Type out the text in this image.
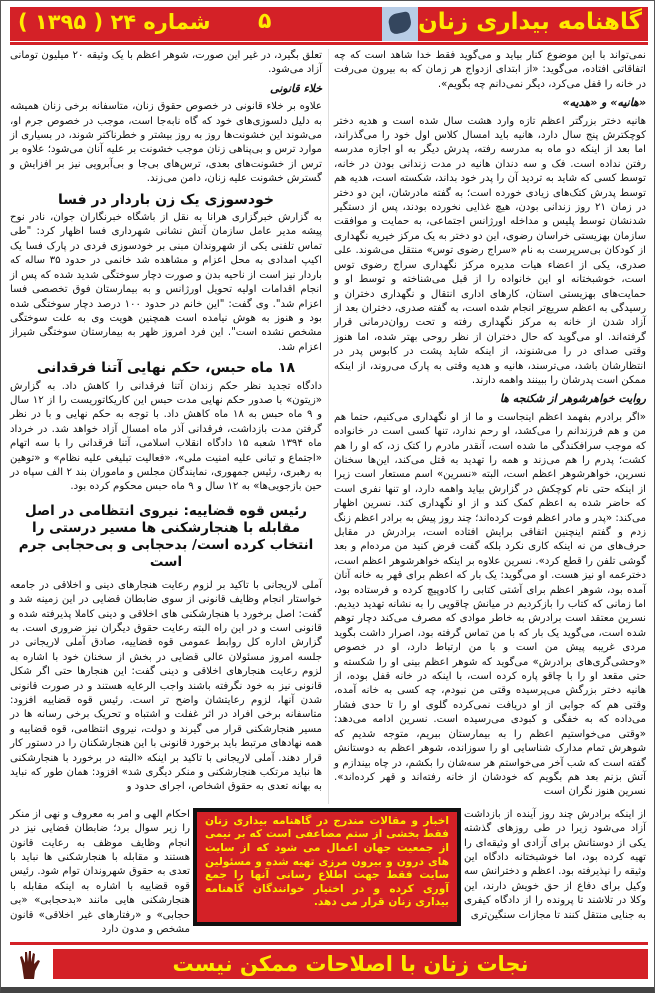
گاهنامه بیداری زنان
۵
شماره ۲۴ ( ۱۳۹۵ )

نمی‌تواند با این موضوع کنار بیاید و می‌گوید فقط خدا شاهد است که چه اتفاقاتی افتاده، می‌گوید: «از ابتدای ازدواج هر زمان که به بیرون می‌رفت در خانه را قفل می‌کرد، دیگر نمی‌دانم چه بگویم».

«هانیه» و «هدیه»

هانیه دختر بزرگتر اعظم تازه وارد هشت سال شده است و هدیه دختر کوچکترش پنج سال دارد، هانیه باید امسال کلاس اول خود را می‌گذراند، اما بعد از اینکه دو ماه به مدرسه رفته، پدرش دیگر به او اجازه مدرسه رفتن نداده است. فک و سه دندان هانیه در مدت زندانی بودن در خانه، توسط کسی که شاید به تردید آن را پدر خود بداند، شکسته است، هدیه هم توسط پدرش کتک‌های زیادی خورده است؛ به گفته مادرشان، این دو دختر در زمان ۲۱ روز زندانی بودن، هیچ غذایی نخورده بودند، پس از دستگیر شدنشان توسط پلیس و مداخله اورژانس اجتماعی، به حمایت و موافقت سازمان بهزیستی خراسان رضوی، این دو دختر به یک مرکز خیریه نگهداری از کودکان بی‌سرپرست به نام «سراج رضوی توس» منتقل می‌شوند. علی صدری، یکی از اعضاء هیات مدیره مرکز نگهداری سراج رضوی توس است، خوشبختانه او این خانواده را از قبل می‌شناخته و توسط او و حمایت‌های بهزیستی استان، کارهای اداری انتقال و نگهداری دختران و رسیدگی به اعظم سریع‌تر انجام شده است، به گفته صدری، دختران بعد از آزاد شدن از خانه به مرکز نگهداری رفته و تحت روان‌درمانی قرار گرفته‌اند. او می‌گوید که حال دختران از نظر روحی بهتر شده، اما هنوز وقتی صدای در را می‌شنوند، از اینکه شاید پشت در کابوس پدر در انتظارشان باشد، می‌ترسند، هانیه و هدیه وقتی به پارک می‌روند، از اینکه ممکن است پدرشان را ببینند واهمه دارند.

روایت خواهرشوهر از شکنجه ها

«اگر برادرم بفهمد اعظم اینجاست و ما از او نگهداری می‌کنیم، حتما هم من و هم فرزندانم را می‌کشد، او رحم ندارد، تنها کسی است در خانواده که موجب سرافکندگی ما شده است، آنقدر مادرم را کتک زد، که او را هم کشت؛ پدرم را هم می‌زند و همه را تهدید به قتل می‌کند، این‌ها سخنان نسرین، خواهرشوهر اعظم است، البته «نسرین» اسم مستعار است زیرا از اینکه حتی نام کوچکش در گزارش بیاید واهمه دارد، او تنها نفری است که حاضر شده به اعظم کمک کند و از او نگهداری کند. نسرین اظهار می‌کند: «پدر و مادر اعظم فوت کرده‌اند؛ چند روز پیش به برادر اعظم زنگ زدم و گفتم اینچنین اتفاقی برایش افتاده است، برادرش در مقابل حرف‌های من نه اینکه کاری نکرد بلکه گفت فرض کنید من مرده‌ام و بعد گوشی تلفن را قطع کرد». نسرین علاوه بر اینکه خواهرشوهر اعظم است، دخترعمه او نیز هست. او می‌گوید: یک بار که اعظم برای قهر به خانه آنان آمده بود، شوهر اعظم برای آشتی کتابی را کادوپیچ کرده و فرستاده بود، اما زمانی که کتاب را بازکردیم در میانش چاقویی را به نشانه تهدید دیدیم. نسرین معتقد است برادرش به خاطر موادی که مصرف می‌کند دچار توهم شده است، می‌گوید یک بار که با من تماس گرفته بود، اصرار داشت بگوید مردی غریبه پیش من است و با من ارتباط دارد، او در خصوص «وحشی‌گری‌های برادرش» می‌گوید که شوهر اعظم بینی او را شکسته و حتی مقعد او را با چاقو پاره کرده است، با اینکه در خانه قفل بوده، از هانیه دختر بزرگش می‌پرسیده وقتی من نبودم، چه کسی به خانه آمده، وقتی هم که جوابی از او دریافت نمی‌کرده گلوی او را تا حدی فشار می‌داده که به خفگی و کبودی می‌رسیده است. نسرین ادامه می‌دهد: «وقتی می‌خواستیم اعظم را به بیمارستان ببریم، متوجه شدیم که شوهرش تمام مدارک شناسایی او را سوزانده، شوهر اعظم به دوستانش گفته است که شب آخر می‌خواستم هر سه‌شان را بکشم، در چاه بیندازم و آتش بزنم بعد هم بگویم که خودشان از خانه رفته‌اند و قهر کرده‌اند». نسرین هنوز نگران است

تعلق بگیرد، در غیر این صورت، شوهر اعظم با یک وثیقه ۲۰ میلیون تومانی آزاد می‌شود.

خلاء قانونی

علاوه بر خلاء قانونی در خصوص حقوق زنان، متاسفانه برخی زنان همیشه به دلیل دلسوزی‌های خود که گاه نابه‌جا است، موجب در خصوص جرم او، می‌شوند این خشونت‌ها روز به روز بیشتر و خطرناکتر شوند، در بسیاری از موارد ترس و بی‌پناهی زنان موجب خشونت بر علیه آنان می‌شود؛ علاوه بر ترس از خشونت‌های بعدی، ترس‌های بی‌جا و بی‌آبرویی نیز بر افزایش و گسترش خشونت علیه زنان، دامن می‌زند.

خودسوزی یک زن باردار در فسا

به گزارش خبرگزاری هرانا به نقل از باشگاه خبرنگاران جوان، نادر نوح پیشه مدیر عامل سازمان آتش نشانی شهرداری فسا اظهار کرد: "طی تماس تلفنی یکی از شهروندان مبنی بر خودسوزی فردی در پارک فسا یک اکیپ امدادی به محل اعزام و مشاهده شد خانمی در حدود ۳۵ ساله که باردار نیز است از ناحیه بدن و صورت دچار سوختگی شدید شده که پس از انجام اقدامات اولیه تحویل اورژانس و به بیمارستان فوق تخصصی فسا اعزام شد". وی گفت: "این خانم در حدود ۱۰۰ درصد دچار سوختگی شده بود و هنوز به هوش نیامده است همچنین هویت وی به علت سوختگی مشخص نشده است". این فرد امروز ظهر به بیمارستان سوختگی شیراز اعزام شد.

۱۸ ماه حبس، حکم نهایی آتنا فرقدانی

دادگاه تجدید نظر حکم زندان آتنا فرقدانی را کاهش داد. به گزارش «زیتون» با صدور حکم نهایی مدت حبس این کاریکاتوریست را از ۱۲ سال و ۹ ماه حبس به ۱۸ ماه کاهش داد. با توجه به حکم نهایی و با در نظر گرفتن مدت بازداشت، فرقدانی آذر ماه امسال آزاد خواهد شد. در خرداد ماه ۱۳۹۴ شعبه ۱۵ دادگاه انقلاب اسلامی، آتنا فرقدانی را با سه اتهام «اجتماع و تبانی علیه امنیت ملی»، «فعالیت تبلیغی علیه نظام» و «توهین به رهبری، رئیس جمهوری، نمایندگان مجلس و ماموران بند ۲ الف سپاه در حین بازجویی‌ها» به ۱۲ سال و ۹ ماه حبس محکوم کرده بود.

رئیس قوه قضاییه: نیروی انتظامی در اصل مقابله با هنجارشکنی ها مسیر درستی را انتخاب کرده است/ بدحجابی و بی‌حجابی جرم است

آملی لاریجانی با تاکید بر لزوم رعایت هنجارهای دینی و اخلاقی در جامعه خواستار انجام وظایف قانونی از سوی ضابطان قضایی در این زمینه شد و گفت: اصل برخورد با هنجارشکنی های اخلاقی و دینی کاملا پذیرفته شده و قانونی است و در این راه البته رعایت حقوق دیگران نیز ضروری است. به گزارش اداره کل روابط عمومی قوه قضاییه، صادق آملی لاریجانی در جلسه امروز مسئولان عالی قضایی در بخش از سخنان خود با اشاره به لزوم رعایت هنجارهای اخلاقی و دینی گفت: این هنجارها حتی اگر شکل قانونی نیز به خود نگرفته باشند واجب الرعایه هستند و در صورت قانونی شدن آنها، لزوم رعایتشان واضح تر است. رئیس قوه قضاییه افزود: متاسفانه برخی افراد در اثر غفلت و اشتباه و تحریک برخی رسانه ها در مسیر هنجارشکنی قرار می گیرند و دولت، نیروی انتظامی، قوه قضاییه و همه نهادهای مرتبط باید برخورد قانونی با این هنجارشکنان را در دستور کار قرار دهند. آملی لاریجانی با تاکید بر اینکه «البته در برخورد با هنجارشکنی ها نباید مرتکب هنجارشکنی و منکر دیگری شد» افزود: همان طور که نباید به بهانه تعدی به حقوق اشخاص، اجرای حدود و

از اینکه برادرش چند روز آینده از بازداشت آزاد می‌شود زیرا در طی روزهای گذشته یکی از دوستانش برای آزادی او وثیقه‌ای را تهیه کرده بود، اما خوشبختانه دادگاه این وثیقه را نپذیرفته بود. اعظم و دخترانش سه وکیل برای دفاع از حق خویش دارند، این وکلا در تلاشند تا پرونده را از دادگاه کیفری به جنایی منتقل کنند تا مجازات سنگین‌تری

اخبار و مقالات مندرج در گاهنامه بیداری زنان فقط بخشی از ستم مضاعفی است که بر نیمی از جمعیت جهان اعمال می شود که از سایت های درون و بیرون مرزی تهیه شده و مسئولین سایت فقط جهت اطلاع رسانی آنها را جمع آوری کرده و در اختیار خوانندگان گاهنامه بیداری زنان قرار می دهد.

احکام الهی و امر به معروف و نهی از منکر را زیر سوال برد؛ ضابطان قضایی نیز در انجام وظایف موظف به رعایت قانون هستند و مقابله با هنجارشکنی ها نباید با تعدی به حقوق شهروندان توام شود. رئیس قوه قضاییه با اشاره به اینکه مقابله با هنجارشکنی هایی مانند «بدحجابی» «بی حجابی» و «رفتارهای غیر اخلاقی» قانون مشخص و مدون دارد

نجات زنان با اصلاحات ممکن نیست
